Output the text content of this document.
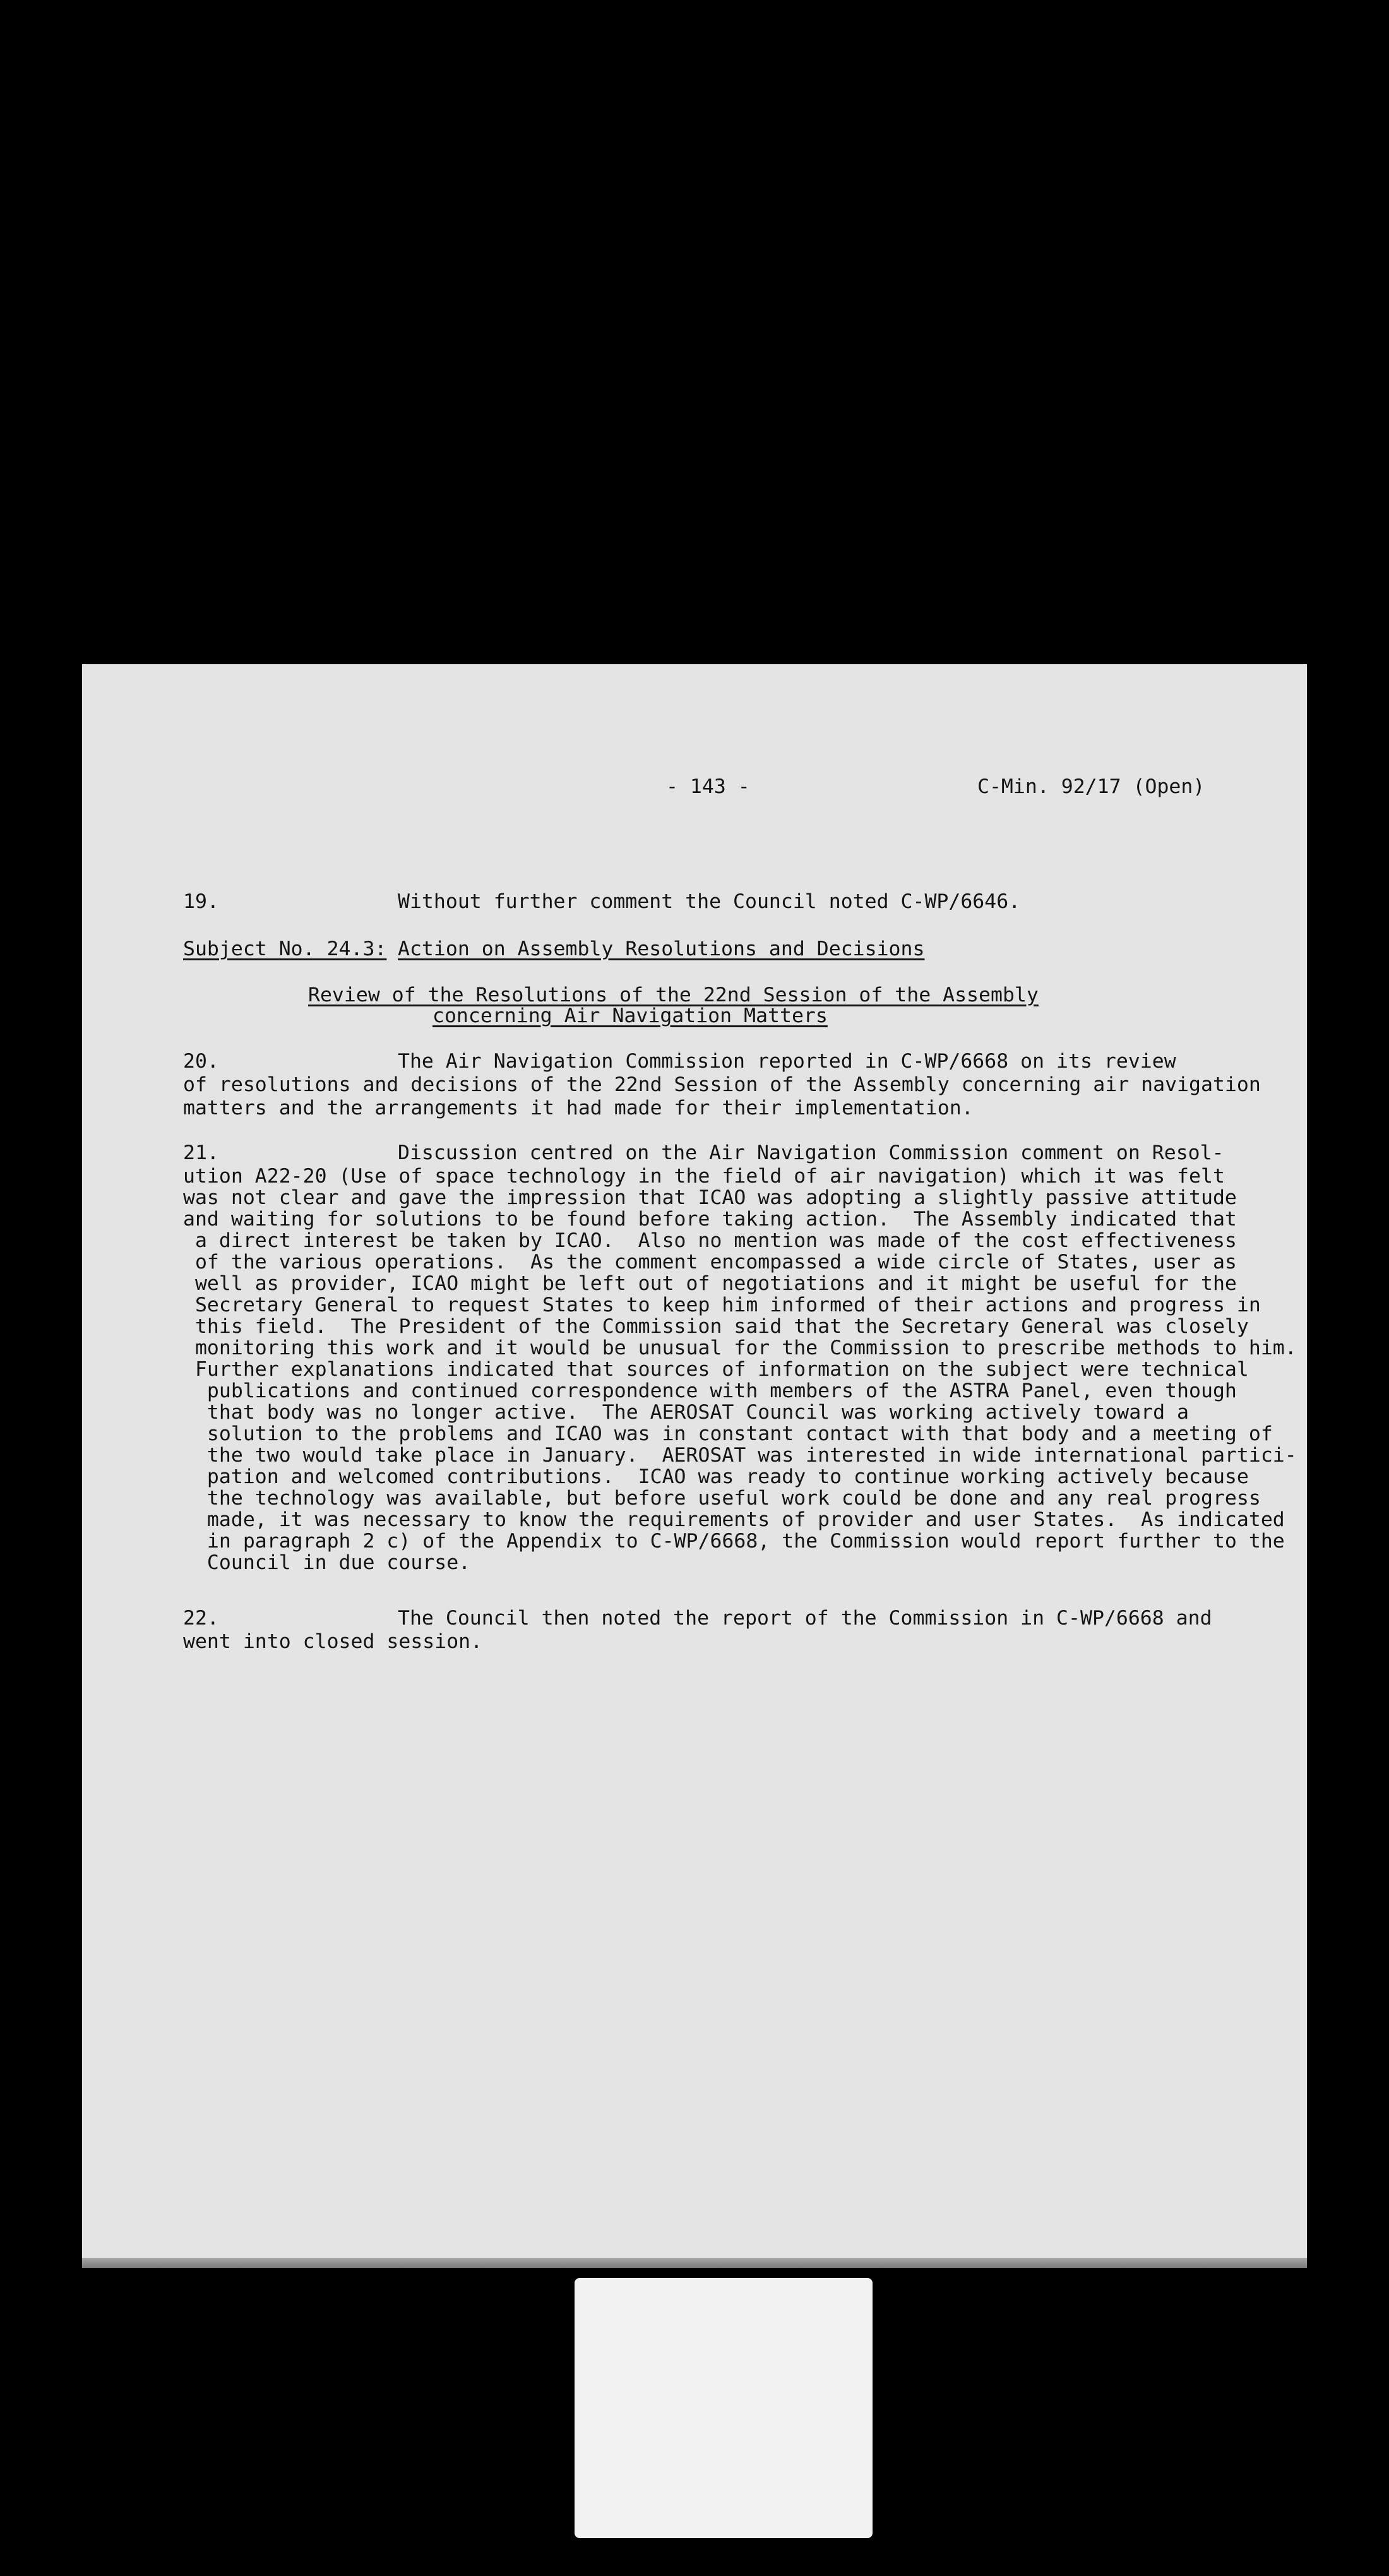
- 143 -	C-Min. 92/17 (Open)
19.	Without further comment the Council noted C-WP/6646.
Subject No. 24.3: Action on Assembly Resolutions and Decisions
Review of the Resolutions of the 22nd Session of the Assembly
concerning Air Navigation Matters
20.	The Air Navigation Commission reported in C-WP/6668 on its review
of resolutions and decisions of the 22nd Session of the Assembly concerning air navigation
matters and the arrangements it had made for their implementation.
21.	Discussion centred on the Air Navigation Commission comment on Resol-
ution A22-20 (Use of space technology in the field of air navigation) which it was felt
was not clear and gave the impression that ICAO was adopting a slightly passive attitude
and waiting for solutions to be found before taking action.  The Assembly indicated that
a direct interest be taken by ICAO.  Also no mention was made of the cost effectiveness
of the various operations.  As the comment encompassed a wide circle of States, user as
well as provider, ICAO might be left out of negotiations and it might be useful for the
Secretary General to request States to keep him informed of their actions and progress in
this field.  The President of the Commission said that the Secretary General was closely
monitoring this work and it would be unusual for the Commission to prescribe methods to him.
Further explanations indicated that sources of information on the subject were technical
publications and continued correspondence with members of the ASTRA Panel, even though
that body was no longer active.  The AEROSAT Council was working actively toward a
solution to the problems and ICAO was in constant contact with that body and a meeting of
the two would take place in January.  AEROSAT was interested in wide international partici-
pation and welcomed contributions.  ICAO was ready to continue working actively because
the technology was available, but before useful work could be done and any real progress
made, it was necessary to know the requirements of provider and user States.  As indicated
in paragraph 2 c) of the Appendix to C-WP/6668, the Commission would report further to the
Council in due course.
22.	The Council then noted the report of the Commission in C-WP/6668 and
went into closed session.
